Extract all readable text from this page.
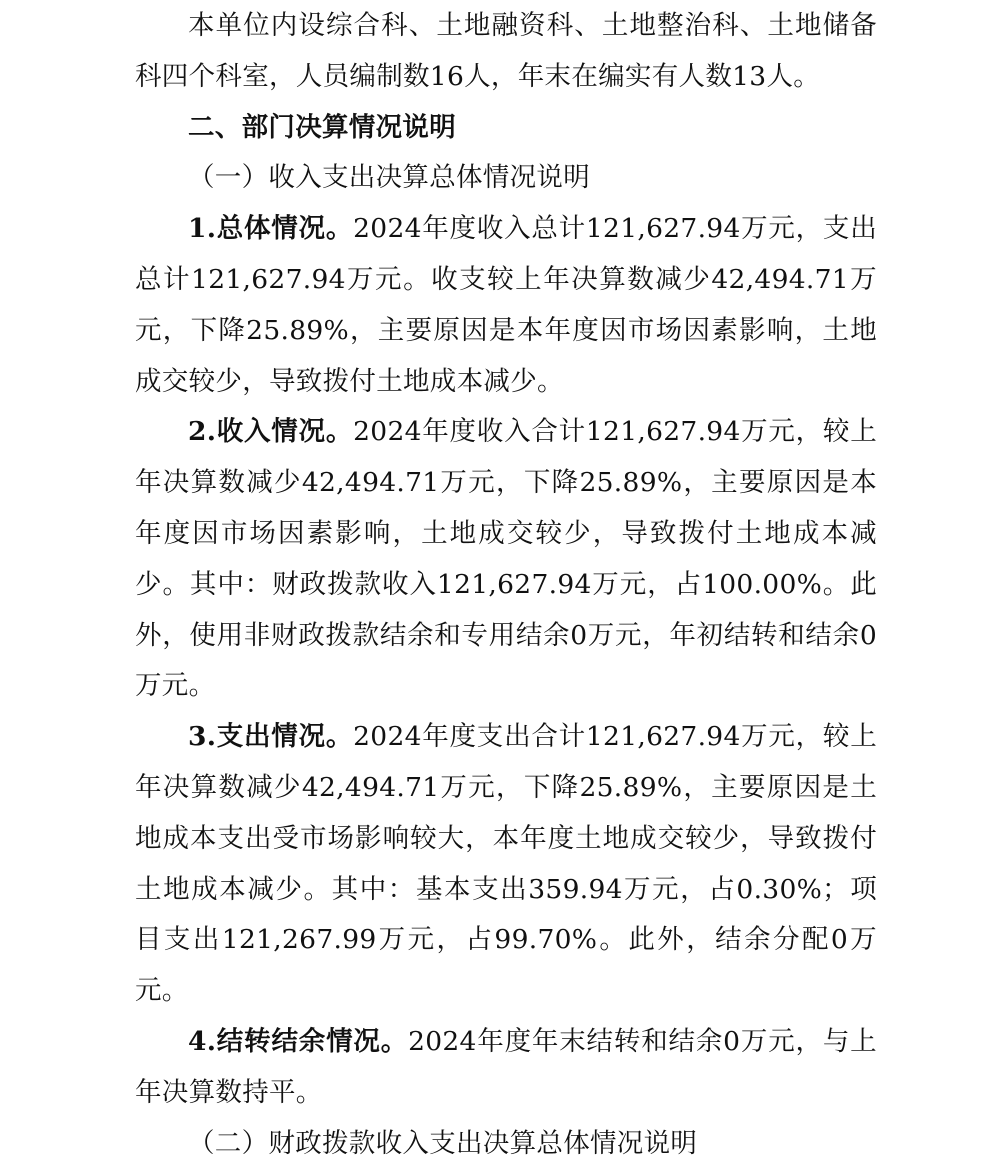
本单位内设综合科、土地融资科、土地整治科、土地储备科四个科室，人员编制数16人，年末在编实有人数13人。

二、部门决算情况说明

（一）收入支出决算总体情况说明

1.总体情况。2024年度收入总计121,627.94万元，支出总计121,627.94万元。收支较上年决算数减少42,494.71万元，下降25.89%，主要原因是本年度因市场因素影响，土地成交较少，导致拨付土地成本减少。

2.收入情况。2024年度收入合计121,627.94万元，较上年决算数减少42,494.71万元，下降25.89%，主要原因是本年度因市场因素影响，土地成交较少，导致拨付土地成本减少。其中：财政拨款收入121,627.94万元，占100.00%。此外，使用非财政拨款结余和专用结余0万元，年初结转和结余0万元。

3.支出情况。2024年度支出合计121,627.94万元，较上年决算数减少42,494.71万元，下降25.89%，主要原因是土地成本支出受市场影响较大，本年度土地成交较少，导致拨付土地成本减少。其中：基本支出359.94万元，占0.30%；项目支出121,267.99万元，占99.70%。此外，结余分配0万元。

4.结转结余情况。2024年度年末结转和结余0万元，与上年决算数持平。

（二）财政拨款收入支出决算总体情况说明
